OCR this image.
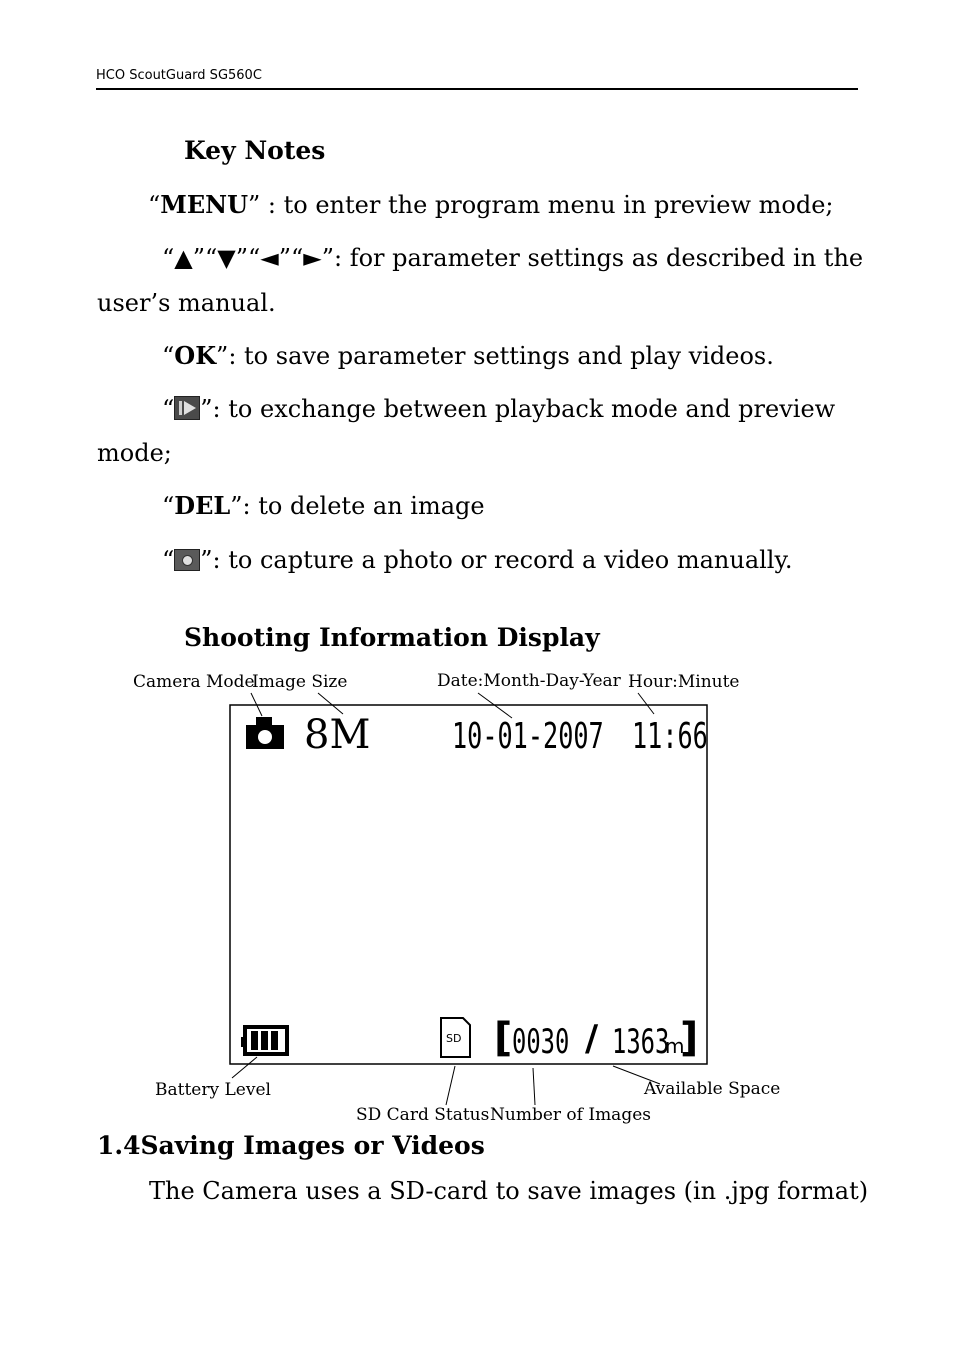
HCO ScoutGuard SG560C
Key Notes
“MENU” : to enter the program menu in preview mode;
“▲”“▼”“◄”“►”: for parameter settings as described in the
user’s manual.
“OK”: to save parameter settings and play videos.
“ ”: to exchange between playback mode and preview
mode;
“DEL”: to delete an image
“ ”: to capture a photo or record a video manually.
Shooting Information Display
Camera Mode
Image Size	Date:Month-Day-Year Hour:Minute
Battery Level
SD Card Status Number of Images
Available Space
8M 10-01-2007 11:66
SD [ 0030 / 1363
m
]
1.4Saving Images or Videos
The Camera uses a SD-card to save images (in .jpg format)
